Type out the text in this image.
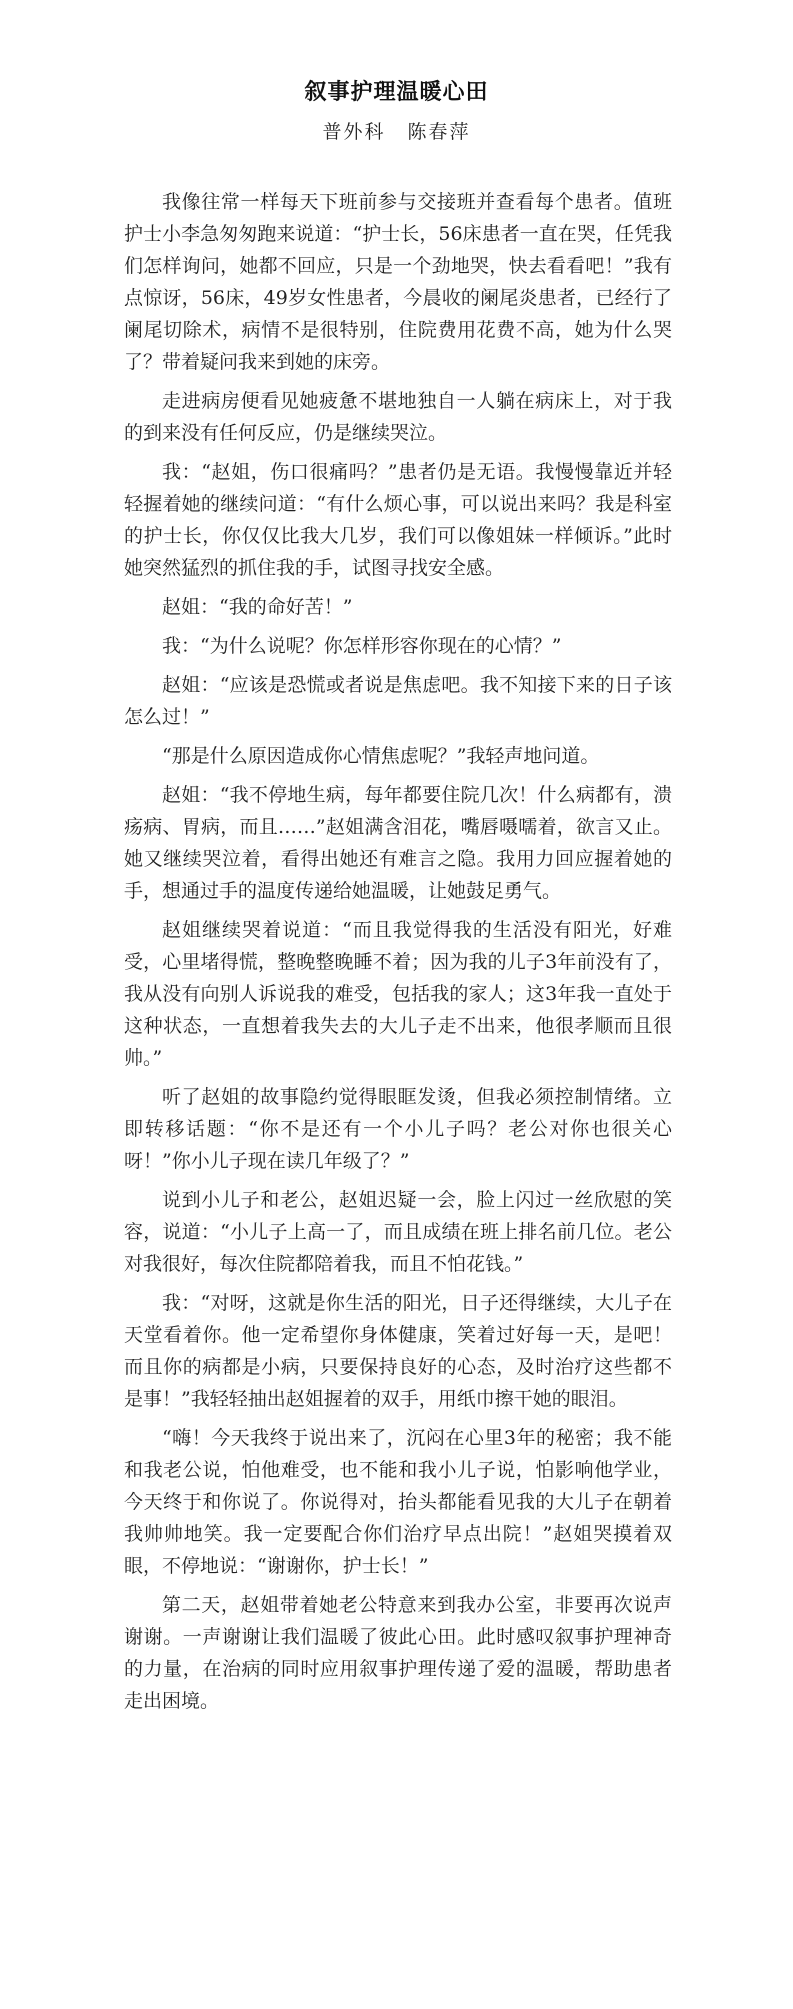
叙事护理温暖心田
普外科 陈春萍

我像往常一样每天下班前参与交接班并查看每个患者。值班护士小李急匆匆跑来说道：“护士长，56床患者一直在哭，任凭我们怎样询问，她都不回应，只是一个劲地哭，快去看看吧！”我有点惊讶，56床，49岁女性患者，今晨收的阑尾炎患者，已经行了阑尾切除术，病情不是很特别，住院费用花费不高，她为什么哭了？带着疑问我来到她的床旁。

走进病房便看见她疲惫不堪地独自一人躺在病床上，对于我的到来没有任何反应，仍是继续哭泣。

我：“赵姐，伤口很痛吗？”患者仍是无语。我慢慢靠近并轻轻握着她的继续问道：“有什么烦心事，可以说出来吗？我是科室的护士长，你仅仅比我大几岁，我们可以像姐妹一样倾诉。”此时她突然猛烈的抓住我的手，试图寻找安全感。

赵姐：“我的命好苦！”

我：“为什么说呢？你怎样形容你现在的心情？”

赵姐：“应该是恐慌或者说是焦虑吧。我不知接下来的日子该怎么过！”

“那是什么原因造成你心情焦虑呢？”我轻声地问道。

赵姐：“我不停地生病，每年都要住院几次！什么病都有，溃疡病、胃病，而且……”赵姐满含泪花，嘴唇嗫嚅着，欲言又止。她又继续哭泣着，看得出她还有难言之隐。我用力回应握着她的手，想通过手的温度传递给她温暖，让她鼓足勇气。

赵姐继续哭着说道：“而且我觉得我的生活没有阳光，好难受，心里堵得慌，整晚整晚睡不着；因为我的儿子3年前没有了，我从没有向别人诉说我的难受，包括我的家人；这3年我一直处于这种状态，一直想着我失去的大儿子走不出来，他很孝顺而且很帅。”

听了赵姐的故事隐约觉得眼眶发烫，但我必须控制情绪。立即转移话题：“你不是还有一个小儿子吗？老公对你也很关心呀！”你小儿子现在读几年级了？”

说到小儿子和老公，赵姐迟疑一会，脸上闪过一丝欣慰的笑容，说道：“小儿子上高一了，而且成绩在班上排名前几位。老公对我很好，每次住院都陪着我，而且不怕花钱。”

我：“对呀，这就是你生活的阳光，日子还得继续，大儿子在天堂看着你。他一定希望你身体健康，笑着过好每一天，是吧！而且你的病都是小病，只要保持良好的心态，及时治疗这些都不是事！”我轻轻抽出赵姐握着的双手，用纸巾擦干她的眼泪。

“嗨！今天我终于说出来了，沉闷在心里3年的秘密；我不能和我老公说，怕他难受，也不能和我小儿子说，怕影响他学业，今天终于和你说了。你说得对，抬头都能看见我的大儿子在朝着我帅帅地笑。我一定要配合你们治疗早点出院！”赵姐哭摸着双眼，不停地说：“谢谢你，护士长！”

第二天，赵姐带着她老公特意来到我办公室，非要再次说声谢谢。一声谢谢让我们温暖了彼此心田。此时感叹叙事护理神奇的力量，在治病的同时应用叙事护理传递了爱的温暖，帮助患者走出困境。
